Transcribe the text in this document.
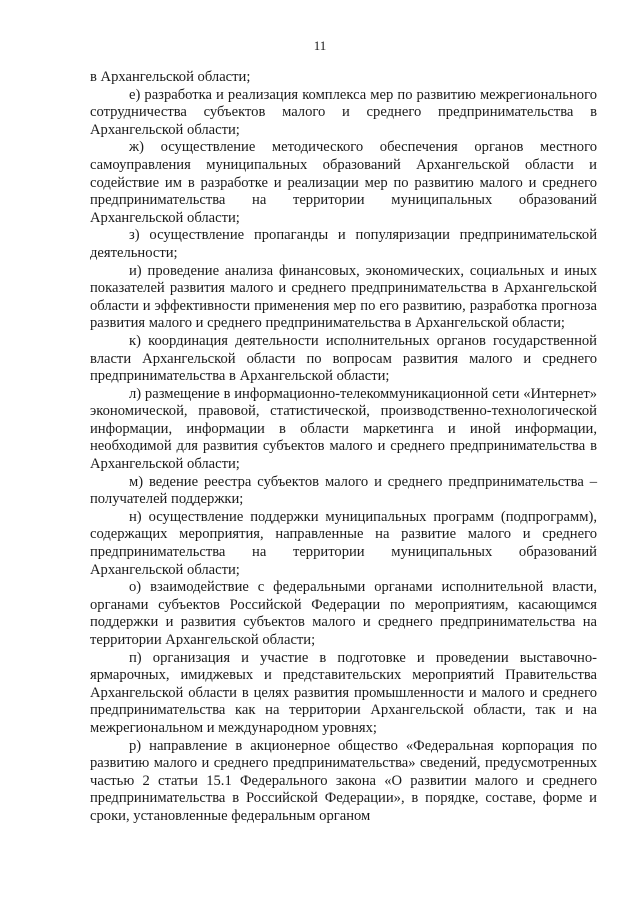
11

в Архангельской области;

е) разработка и реализация комплекса мер по развитию межрегионального сотрудничества субъектов малого и среднего предпринимательства в Архангельской области;

ж) осуществление методического обеспечения органов местного самоуправления муниципальных образований Архангельской области и содействие им в разработке и реализации мер по развитию малого и среднего предпринимательства на территории муниципальных образований Архангельской области;

з) осуществление пропаганды и популяризации предпринимательской деятельности;

и) проведение анализа финансовых, экономических, социальных и иных показателей развития малого и среднего предпринимательства в Архангельской области и эффективности применения мер по его развитию, разработка прогноза развития малого и среднего предпринимательства в Архангельской области;

к) координация деятельности исполнительных органов государственной власти Архангельской области по вопросам развития малого и среднего предпринимательства в Архангельской области;

л) размещение в информационно-телекоммуникационной сети «Интернет» экономической, правовой, статистической, производственно-технологической информации, информации в области маркетинга и иной информации, необходимой для развития субъектов малого и среднего предпринимательства в Архангельской области;

м) ведение реестра субъектов малого и среднего предпринимательства – получателей поддержки;

н) осуществление поддержки муниципальных программ (подпрограмм), содержащих мероприятия, направленные на развитие малого и среднего предпринимательства на территории муниципальных образований Архангельской области;

о) взаимодействие с федеральными органами исполнительной власти, органами субъектов Российской Федерации по мероприятиям, касающимся поддержки и развития субъектов малого и среднего предпринимательства на территории Архангельской области;

п) организация и участие в подготовке и проведении выставочно-ярмарочных, имиджевых и представительских мероприятий Правительства Архангельской области в целях развития промышленности и малого и среднего предпринимательства как на территории Архангельской области, так и на межрегиональном и международном уровнях;

р) направление в акционерное общество «Федеральная корпорация по развитию малого и среднего предпринимательства» сведений, предусмотренных частью 2 статьи 15.1 Федерального закона «О развитии малого и среднего предпринимательства в Российской Федерации», в порядке, составе, форме и сроки, установленные федеральным органом
